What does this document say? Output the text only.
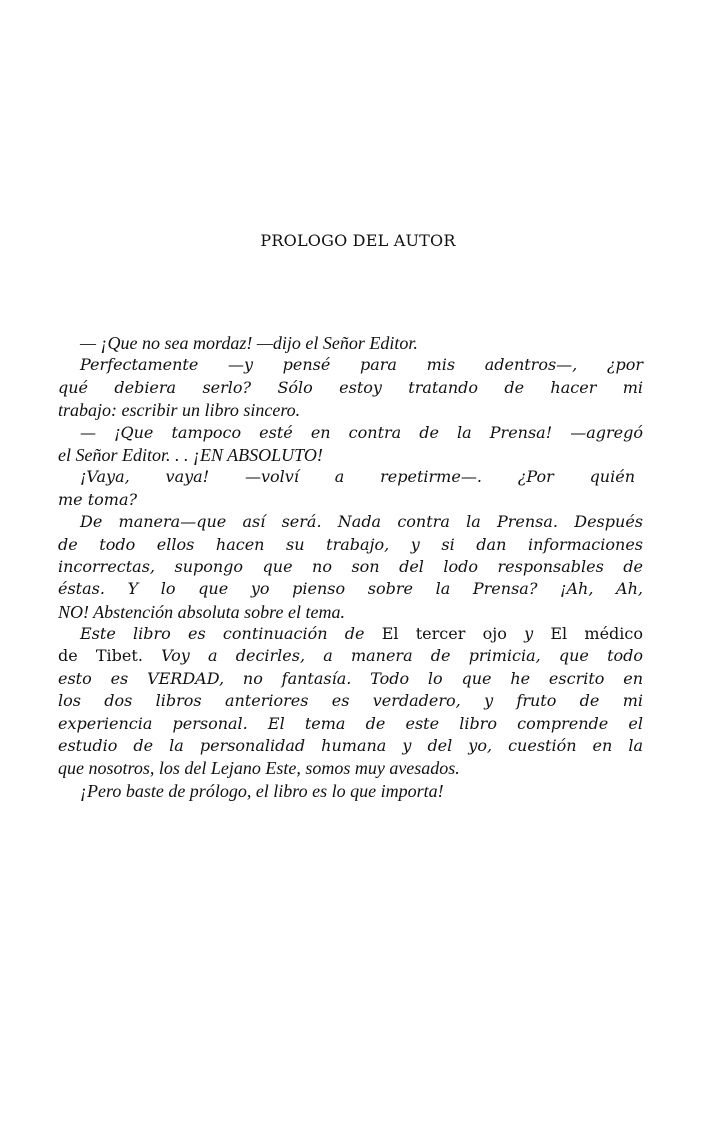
PROLOGO DEL AUTOR
— ¡Que no sea mordaz! —dijo el Señor Editor.
Perfectamente —y pensé para mis adentros—, ¿por
qué debiera serlo? Sólo estoy tratando de hacer mi
trabajo: escribir un libro sincero.
— ¡Que tampoco esté en contra de la Prensa! —agregó
el Señor Editor. . . ¡EN ABSOLUTO!
¡Vaya, vaya! —volví a repetirme—. ¿Por quién
me toma?
De manera—que así será. Nada contra la Prensa. Después
de todo ellos hacen su trabajo, y si dan informaciones
incorrectas, supongo que no son del lodo responsables de
éstas. Y lo que yo pienso sobre la Prensa? ¡Ah, Ah,
NO! Abstención absoluta sobre el tema.
Este libro es continuación de El tercer ojo y El médico
de Tibet. Voy a decirles, a manera de primicia, que todo
esto es VERDAD, no fantasía. Todo lo que he escrito en
los dos libros anteriores es verdadero, y fruto de mi
experiencia personal. El tema de este libro comprende el
estudio de la personalidad humana y del yo, cuestión en la
que nosotros, los del Lejano Este, somos muy avesados.
¡Pero baste de prólogo, el libro es lo que importa!
